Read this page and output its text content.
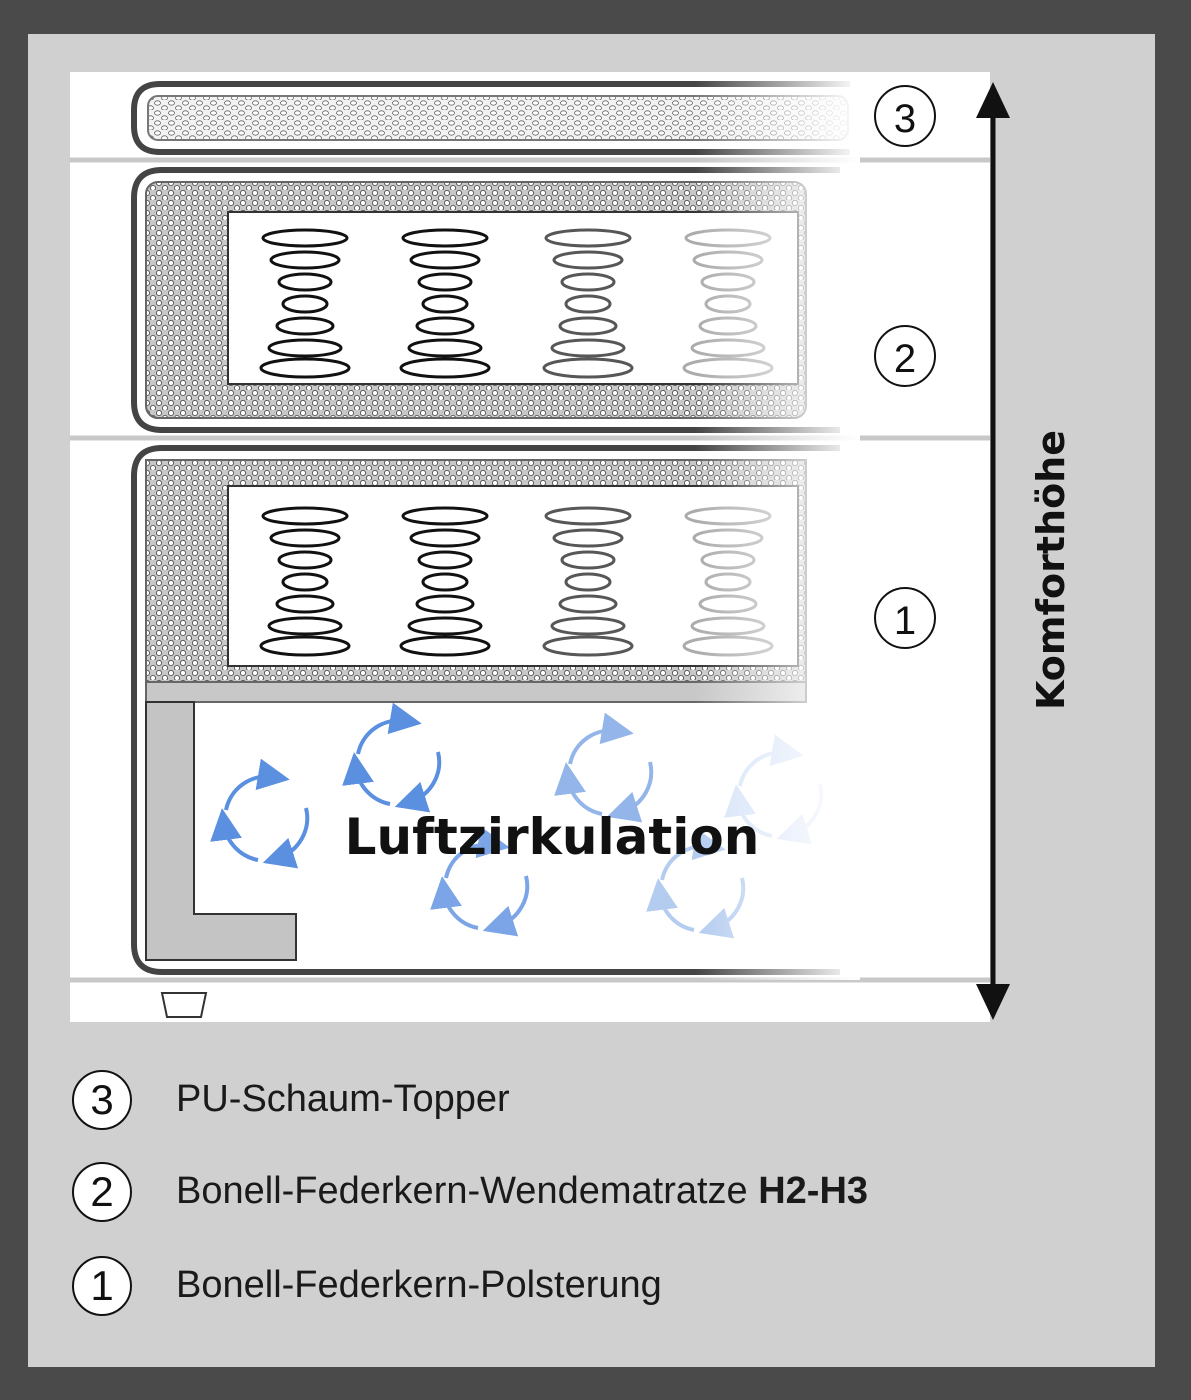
Luftzirkulation
3
2
1	Komforthöhe
3	PU-Schaum-Topper
2	Bonell-Federkern-Wendematratze H2-H3
1	Bonell-Federkern-Polsterung
